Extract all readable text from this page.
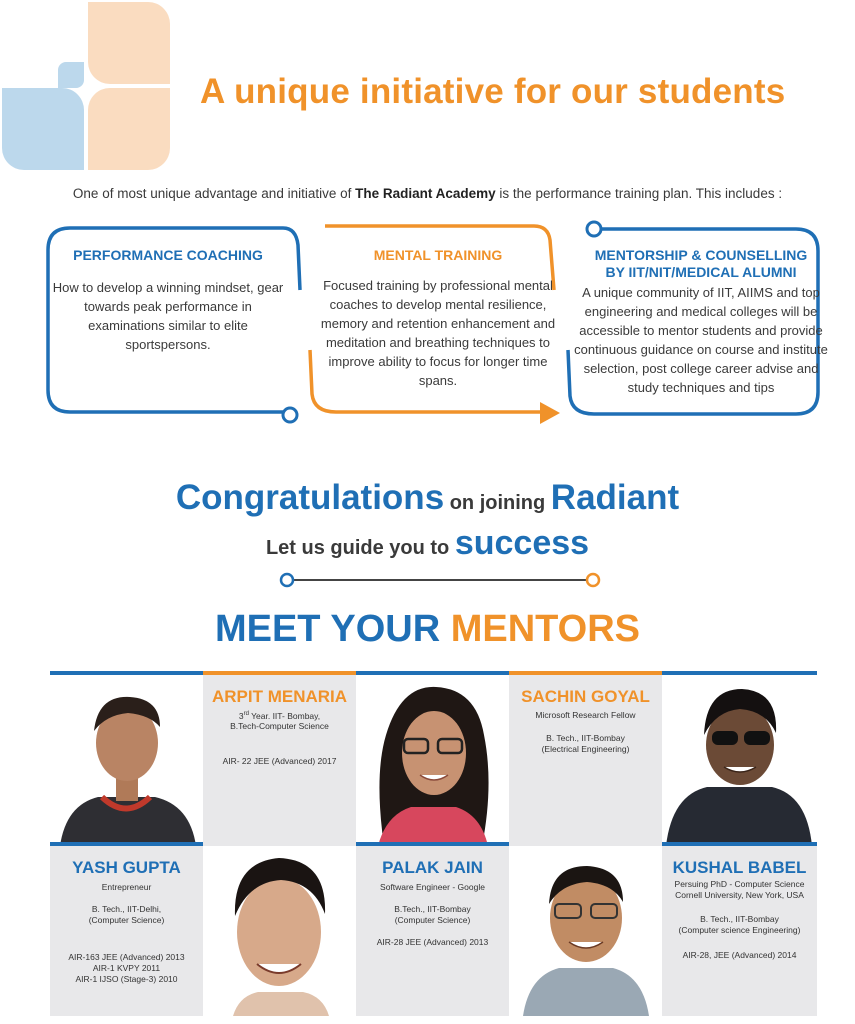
A unique initiative for our students
One of most unique advantage and initiative of The Radiant Academy is the performance training plan. This includes :
PERFORMANCE COACHING
How to develop a winning mindset, gear towards peak performance in examinations similar to elite sportspersons.
MENTAL TRAINING
Focused training by professional mental coaches to develop mental resilience, memory and retention enhancement and meditation and breathing techniques to improve ability to focus for longer time spans.
MENTORSHIP & COUNSELLING
BY IIT/NIT/MEDICAL ALUMNI
A unique community of IIT, AIIMS and top engineering and medical colleges will be accessible to mentor students and provide continuous guidance on course and institute selection, post college career advise and study techniques and tips
Congratulations on joining Radiant
Let us guide you to success
MEET YOUR MENTORS
ARPIT MENARIA
3rd Year. IIT- Bombay,
B.Tech-Computer Science
AIR- 22 JEE (Advanced) 2017
SACHIN GOYAL
Microsoft Research Fellow
B. Tech., IIT-Bombay
(Electrical Engineering)
YASH GUPTA
Entrepreneur
B. Tech., IIT-Delhi,
(Computer Science)
AIR-163 JEE (Advanced) 2013
AIR-1 KVPY 2011
AIR-1 IJSO (Stage-3) 2010
PALAK JAIN
Software Engineer - Google
B.Tech., IIT-Bombay
(Computer Science)
AIR-28 JEE (Advanced) 2013
KUSHAL BABEL
Persuing PhD - Computer Science
Cornell University, New York, USA
B. Tech., IIT-Bombay
(Computer science Engineering)
AIR-28, JEE (Advanced) 2014
